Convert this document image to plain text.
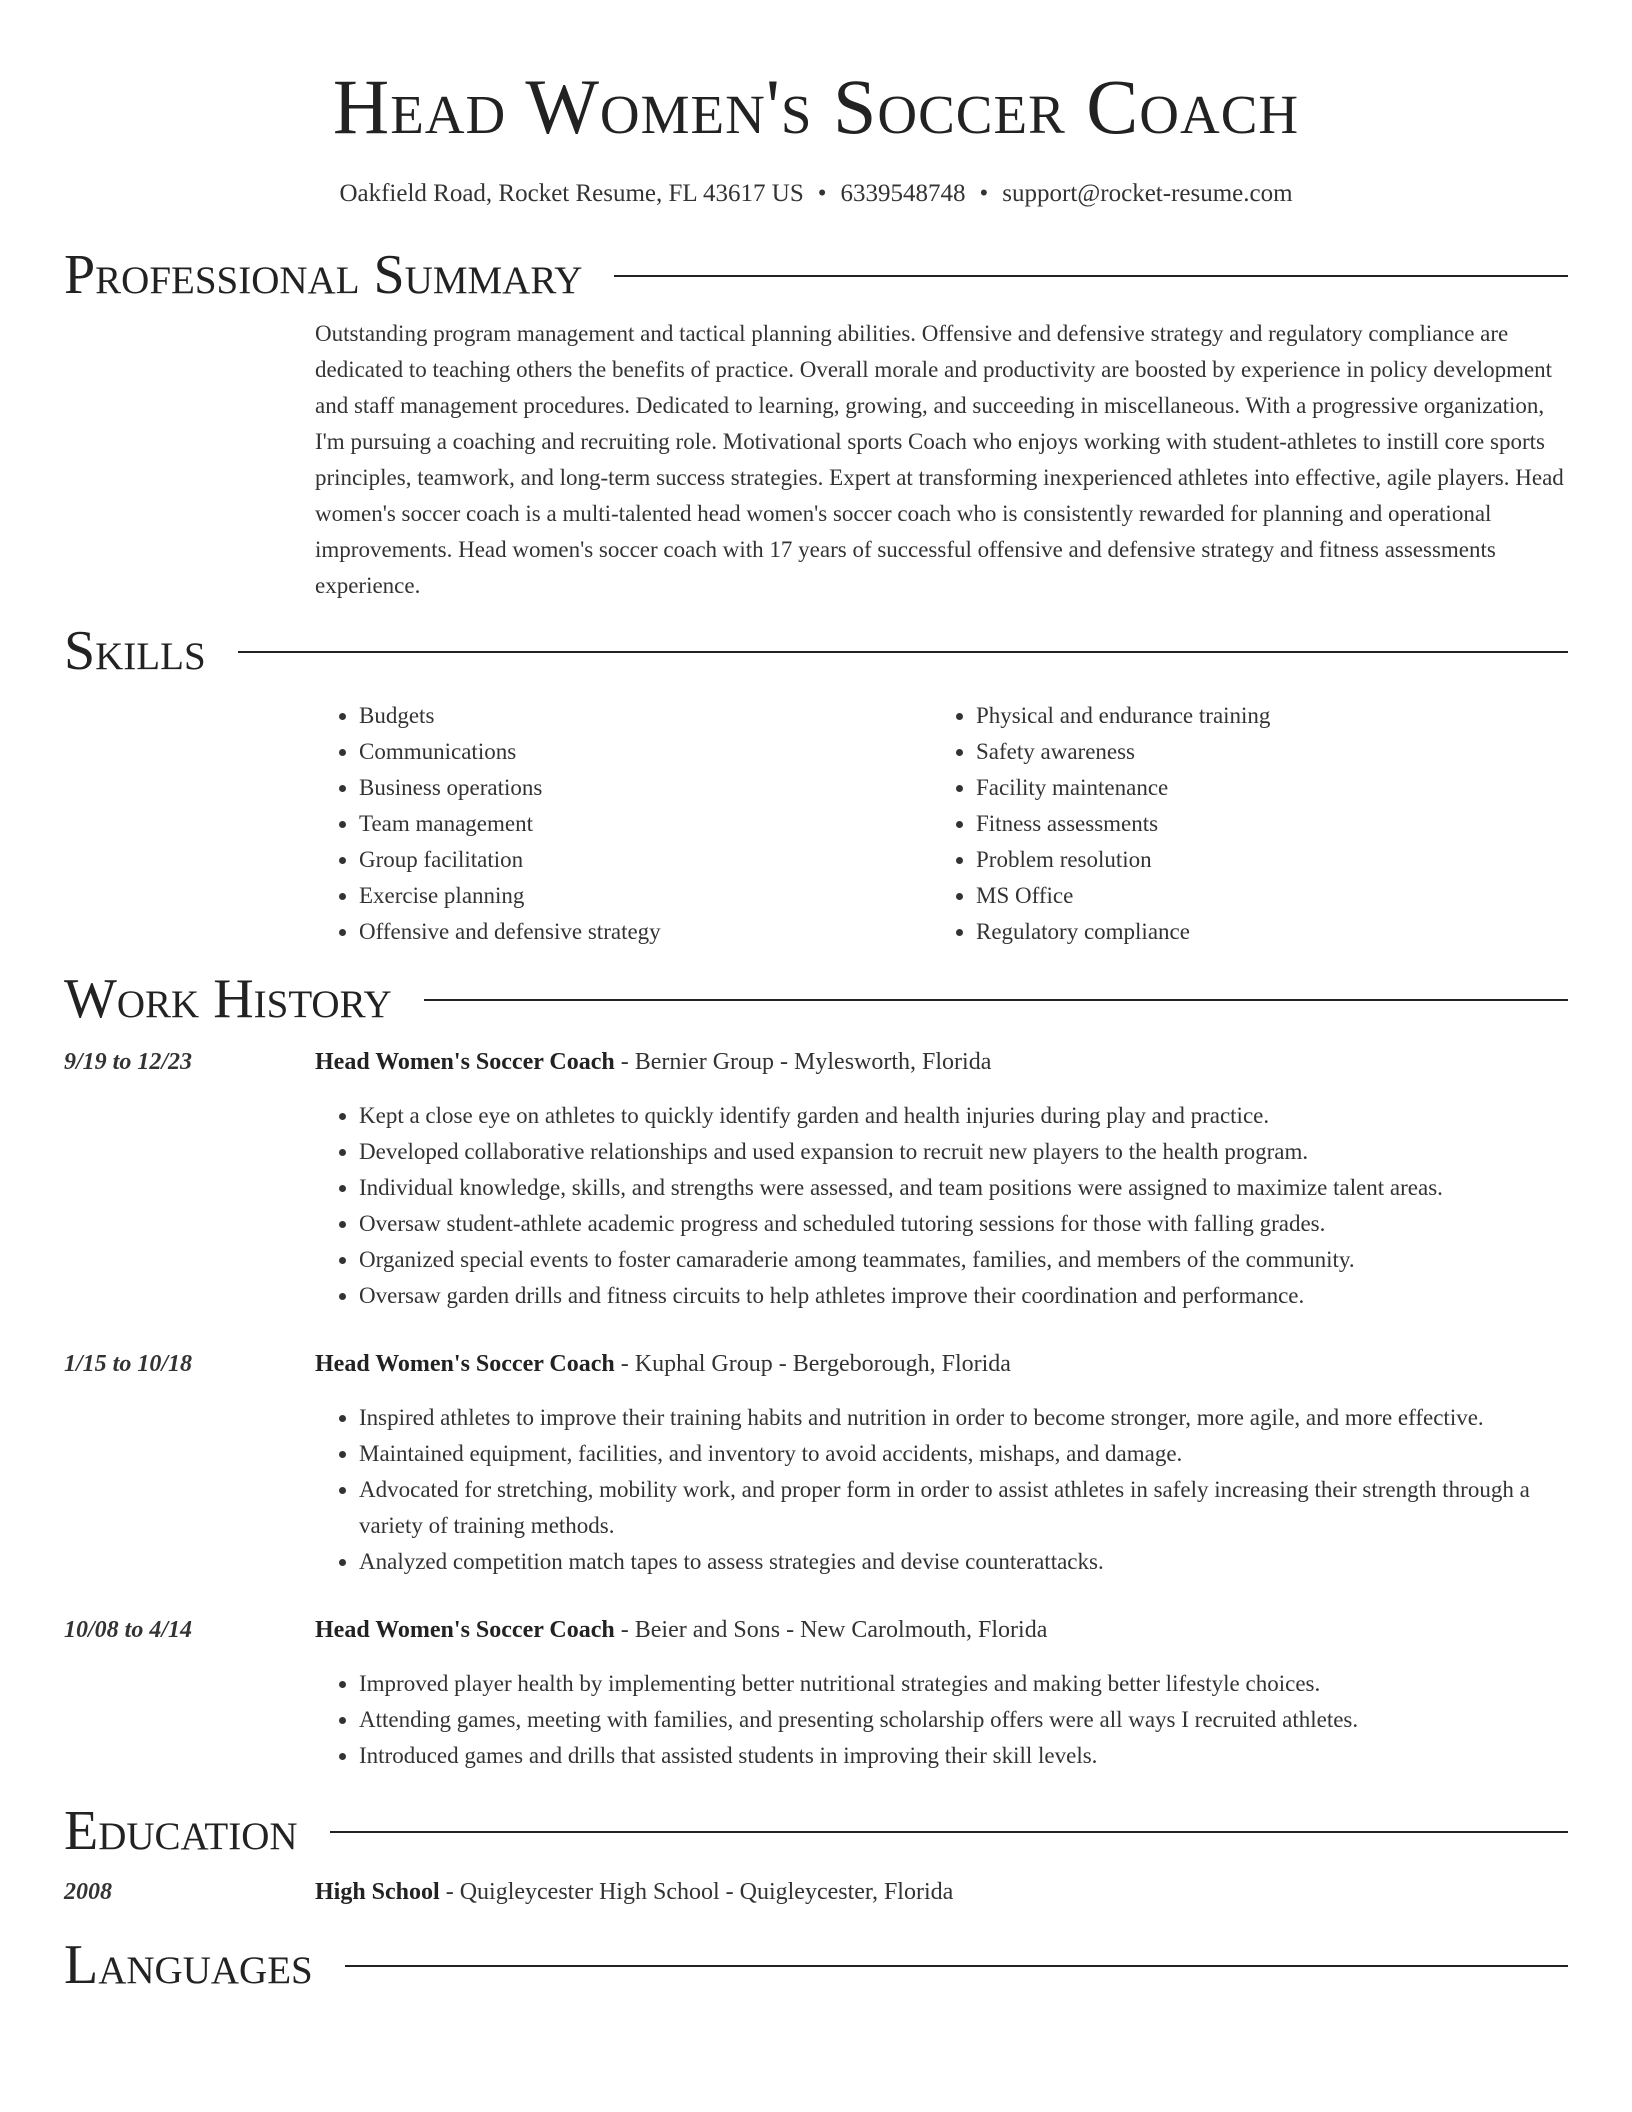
Head Women's Soccer Coach
Oakfield Road, Rocket Resume, FL 43617 US • 6339548748 • support@rocket-resume.com
Professional Summary
Outstanding program management and tactical planning abilities. Offensive and defensive strategy and regulatory compliance are dedicated to teaching others the benefits of practice. Overall morale and productivity are boosted by experience in policy development and staff management procedures. Dedicated to learning, growing, and succeeding in miscellaneous. With a progressive organization, I'm pursuing a coaching and recruiting role. Motivational sports Coach who enjoys working with student-athletes to instill core sports principles, teamwork, and long-term success strategies. Expert at transforming inexperienced athletes into effective, agile players. Head women's soccer coach is a multi-talented head women's soccer coach who is consistently rewarded for planning and operational improvements. Head women's soccer coach with 17 years of successful offensive and defensive strategy and fitness assessments experience.
Skills
• Budgets
• Communications
• Business operations
• Team management
• Group facilitation
• Exercise planning
• Offensive and defensive strategy
• Physical and endurance training
• Safety awareness
• Facility maintenance
• Fitness assessments
• Problem resolution
• MS Office
• Regulatory compliance
Work History
9/19 to 12/23	Head Women's Soccer Coach - Bernier Group - Mylesworth, Florida
• Kept a close eye on athletes to quickly identify garden and health injuries during play and practice.
• Developed collaborative relationships and used expansion to recruit new players to the health program.
• Individual knowledge, skills, and strengths were assessed, and team positions were assigned to maximize talent areas.
• Oversaw student-athlete academic progress and scheduled tutoring sessions for those with falling grades.
• Organized special events to foster camaraderie among teammates, families, and members of the community.
• Oversaw garden drills and fitness circuits to help athletes improve their coordination and performance.
1/15 to 10/18	Head Women's Soccer Coach - Kuphal Group - Bergeborough, Florida
• Inspired athletes to improve their training habits and nutrition in order to become stronger, more agile, and more effective.
• Maintained equipment, facilities, and inventory to avoid accidents, mishaps, and damage.
• Advocated for stretching, mobility work, and proper form in order to assist athletes in safely increasing their strength through a variety of training methods.
• Analyzed competition match tapes to assess strategies and devise counterattacks.
10/08 to 4/14	Head Women's Soccer Coach - Beier and Sons - New Carolmouth, Florida
• Improved player health by implementing better nutritional strategies and making better lifestyle choices.
• Attending games, meeting with families, and presenting scholarship offers were all ways I recruited athletes.
• Introduced games and drills that assisted students in improving their skill levels.
Education
2008	High School - Quigleycester High School - Quigleycester, Florida
Languages
